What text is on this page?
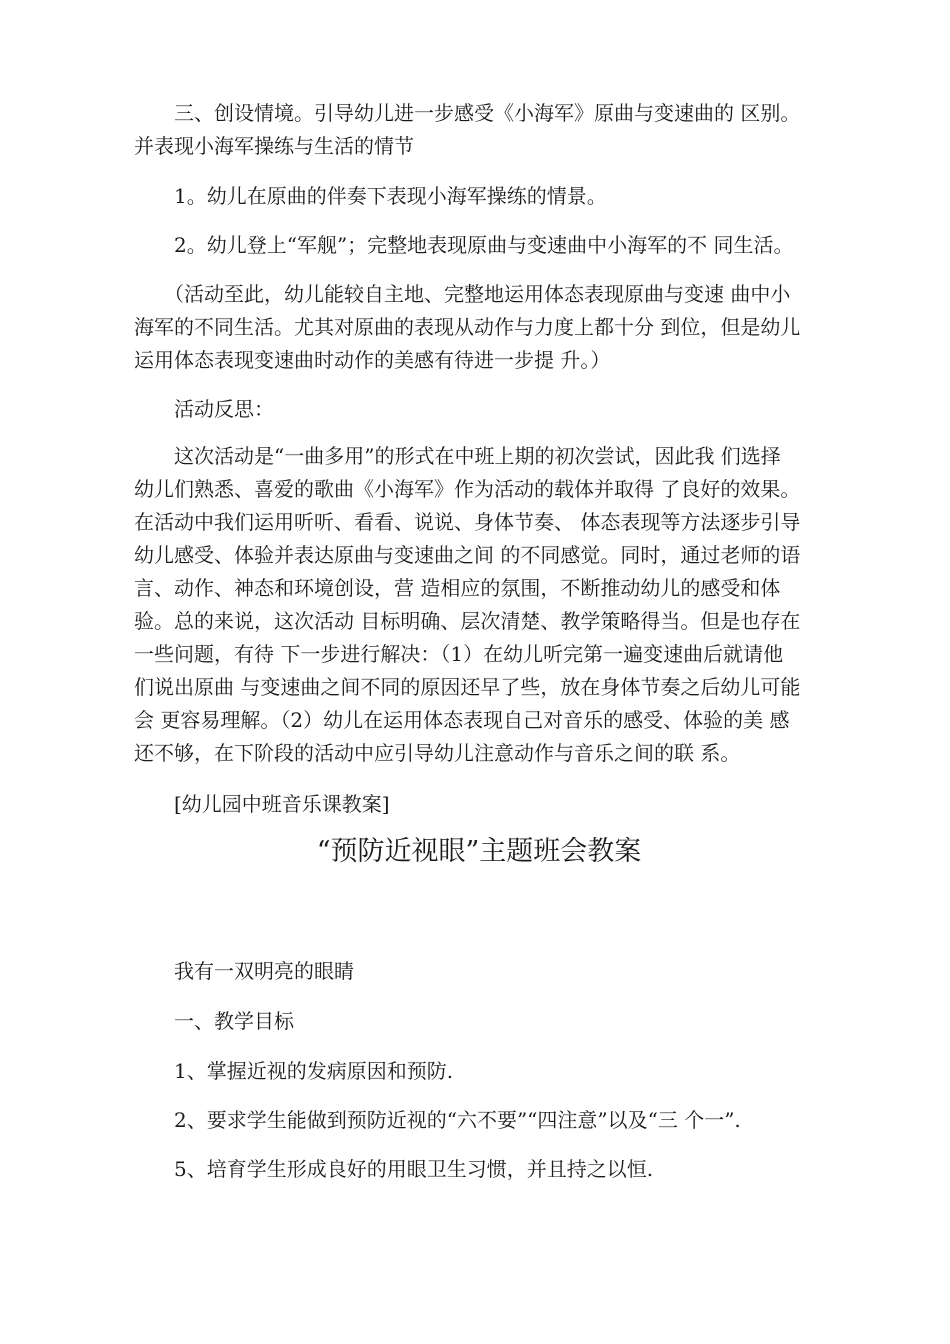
　　三、创设情境。引导幼儿进一步感受《小海军》原曲与变速曲的 区别。
并表现小海军操练与生活的情节

　　1。幼儿在原曲的伴奏下表现小海军操练的情景。

　　2。幼儿登上“军舰”；完整地表现原曲与变速曲中小海军的不 同生活。

　　（活动至此，幼儿能较自主地、完整地运用体态表现原曲与变速 曲中小
海军的不同生活。尤其对原曲的表现从动作与力度上都十分 到位，但是幼儿
运用体态表现变速曲时动作的美感有待进一步提 升。）

　　活动反思：

　　这次活动是“一曲多用”的形式在中班上期的初次尝试，因此我 们选择
幼儿们熟悉、喜爱的歌曲《小海军》作为活动的载体并取得 了良好的效果。
在活动中我们运用听听、看看、说说、身体节奏、 体态表现等方法逐步引导
幼儿感受、体验并表达原曲与变速曲之间 的不同感觉。同时，通过老师的语
言、动作、神态和环境创设，营 造相应的氛围，不断推动幼儿的感受和体
验。总的来说，这次活动 目标明确、层次清楚、教学策略得当。但是也存在
一些问题，有待 下一步进行解决：（1）在幼儿听完第一遍变速曲后就请他
们说出原曲 与变速曲之间不同的原因还早了些，放在身体节奏之后幼儿可能
会 更容易理解。（2）幼儿在运用体态表现自己对音乐的感受、体验的美 感
还不够，在下阶段的活动中应引导幼儿注意动作与音乐之间的联 系。

　　[幼儿园中班音乐课教案]

“预防近视眼”主题班会教案

　　我有一双明亮的眼睛

　　一、教学目标

　　1、掌握近视的发病原因和预防.

　　2、要求学生能做到预防近视的“六不要”“四注意”以及“三 个一”.

　　5、培育学生形成良好的用眼卫生习惯，并且持之以恒.
